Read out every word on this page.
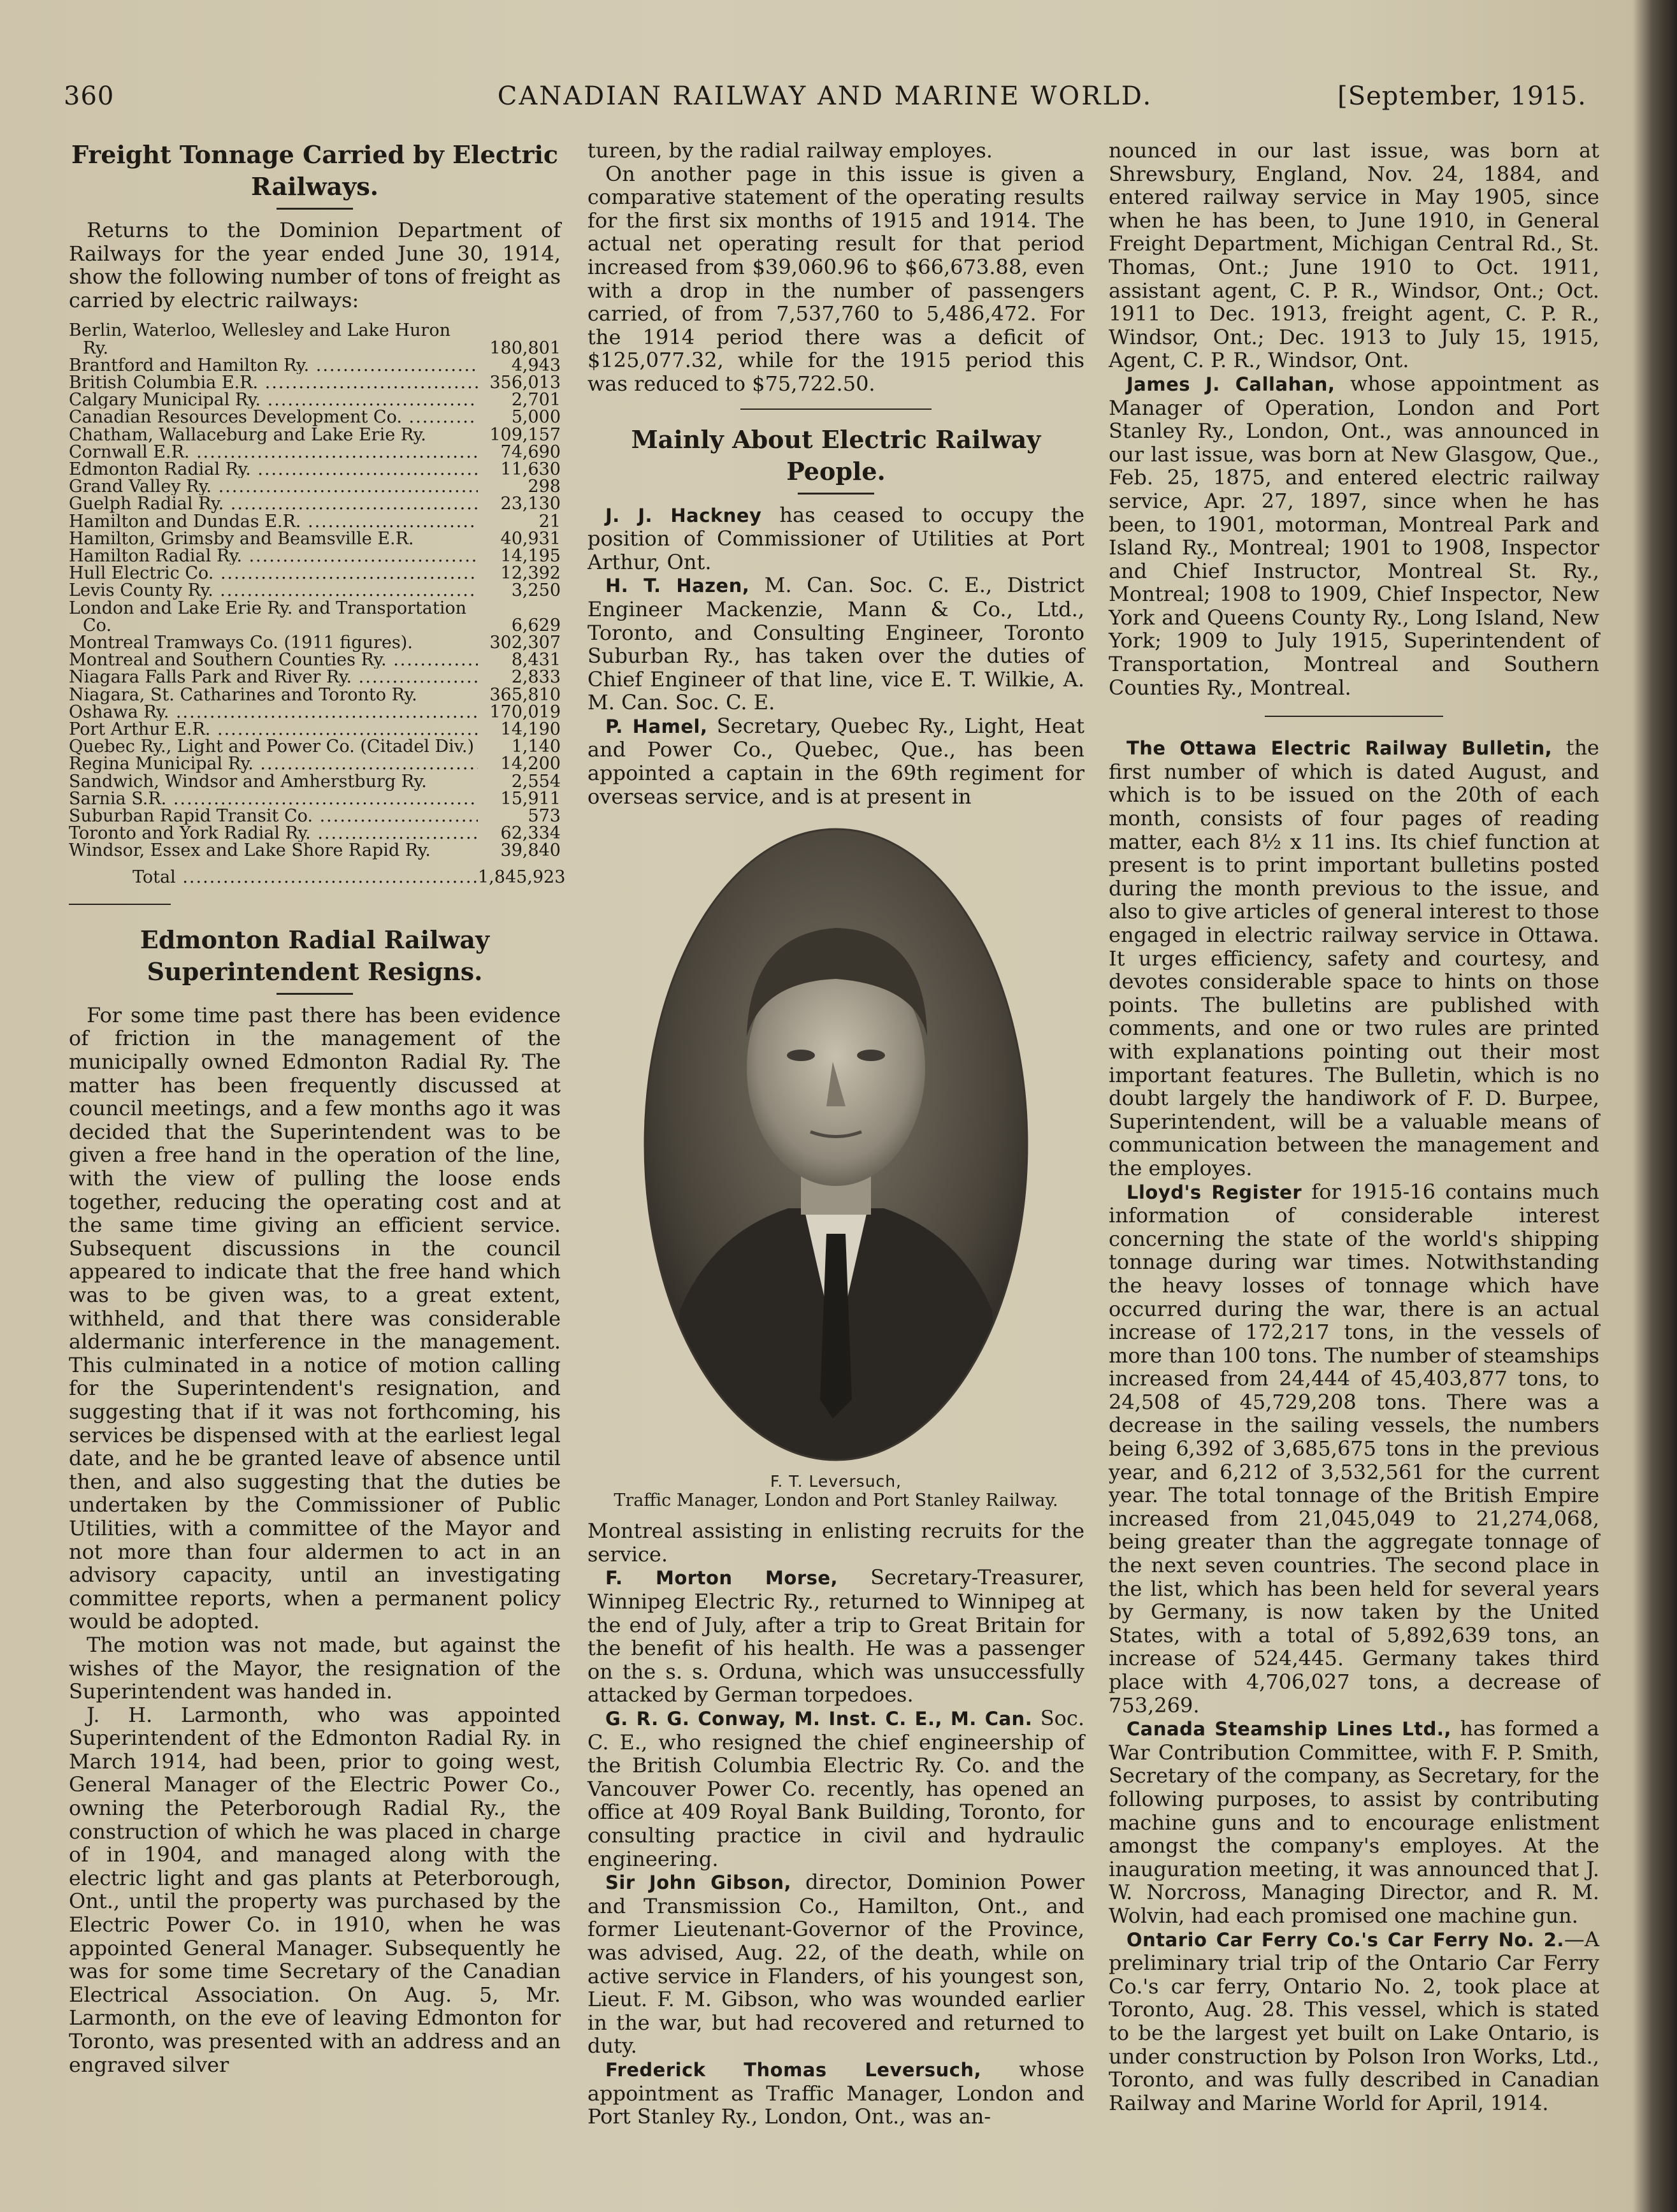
360	CANADIAN RAILWAY AND MARINE WORLD.	[September, 1915.
Freight Tonnage Carried by Electric Railways.

Returns to the Dominion Department of Railways for the year ended June 30, 1914, show the following number of tons of freight as carried by electric railways:

Berlin, Waterloo, Wellesley and Lake Huron Ry.	180,801
Brantford and Hamilton Ry. .....	4,943
British Columbia E.R. .....	356,013
Calgary Municipal Ry. .....	2,701
Canadian Resources Development Co. .....	5,000
Chatham, Wallaceburg and Lake Erie Ry.	109,157
Cornwall E.R. .....	74,690
Edmonton Radial Ry. .....	11,630
Grand Valley Ry. .....	298
Guelph Radial Ry. .....	23,130
Hamilton and Dundas E.R. .....	21
Hamilton, Grimsby and Beamsville E.R.	40,931
Hamilton Radial Ry. .....	14,195
Hull Electric Co. .....	12,392
Levis County Ry. .....	3,250
London and Lake Erie Ry. and Transportation Co.	6,629
Montreal Tramways Co. (1911 figures).	302,307
Montreal and Southern Counties Ry. .....	8,431
Niagara Falls Park and River Ry. .....	2,833
Niagara, St. Catharines and Toronto Ry.	365,810
Oshawa Ry. .....	170,019
Port Arthur E.R. .....	14,190
Quebec Ry., Light and Power Co. (Citadel Div.)	1,140
Regina Municipal Ry. .....	14,200
Sandwich, Windsor and Amherstburg Ry.	2,554
Sarnia S.R. .....	15,911
Suburban Rapid Transit Co. .....	573
Toronto and York Radial Ry. .....	62,334
Windsor, Essex and Lake Shore Rapid Ry.	39,840
Total .....	1,845,923
Edmonton Radial Railway Superintendent Resigns.

For some time past there has been evidence of friction in the management of the municipally owned Edmonton Radial Ry. The matter has been frequently discussed at council meetings, and a few months ago it was decided that the Superintendent was to be given a free hand in the operation of the line, with the view of pulling the loose ends together, reducing the operating cost and at the same time giving an efficient service. Subsequent discussions in the council appeared to indicate that the free hand which was to be given was, to a great extent, withheld, and that there was considerable aldermanic interference in the management. This culminated in a notice of motion calling for the Superintendent's resignation, and suggesting that if it was not forthcoming, his services be dispensed with at the earliest legal date, and he be granted leave of absence until then, and also suggesting that the duties be undertaken by the Commissioner of Public Utilities, with a committee of the Mayor and not more than four aldermen to act in an advisory capacity, until an investigating committee reports, when a permanent policy would be adopted.

The motion was not made, but against the wishes of the Mayor, the resignation of the Superintendent was handed in.

J. H. Larmonth, who was appointed Superintendent of the Edmonton Radial Ry. in March 1914, had been, prior to going west, General Manager of the Electric Power Co., owning the Peterborough Radial Ry., the construction of which he was placed in charge of in 1904, and managed along with the electric light and gas plants at Peterborough, Ont., until the property was purchased by the Electric Power Co. in 1910, when he was appointed General Manager. Subsequently he was for some time Secretary of the Canadian Electrical Association. On Aug. 5, Mr. Larmonth, on the eve of leaving Edmonton for Toronto, was presented with an address and an engraved silver

tureen, by the radial railway employes.

On another page in this issue is given a comparative statement of the operating results for the first six months of 1915 and 1914. The actual net operating result for that period increased from $39,060.96 to $66,673.88, even with a drop in the number of passengers carried, of from 7,537,760 to 5,486,472. For the 1914 period there was a deficit of $125,077.32, while for the 1915 period this was reduced to $75,722.50.

Mainly About Electric Railway People.

J. J. Hackney has ceased to occupy the position of Commissioner of Utilities at Port Arthur, Ont.

H. T. Hazen, M. Can. Soc. C. E., District Engineer Mackenzie, Mann & Co., Ltd., Toronto, and Consulting Engineer, Toronto Suburban Ry., has taken over the duties of Chief Engineer of that line, vice E. T. Wilkie, A. M. Can. Soc. C. E.

P. Hamel, Secretary, Quebec Ry., Light, Heat and Power Co., Quebec, Que., has been appointed a captain in the 69th regiment for overseas service, and is at present in

F. T. Leversuch,
Traffic Manager, London and Port Stanley Railway.

Montreal assisting in enlisting recruits for the service.

F. Morton Morse, Secretary-Treasurer, Winnipeg Electric Ry., returned to Winnipeg at the end of July, after a trip to Great Britain for the benefit of his health. He was a passenger on the s. s. Orduna, which was unsuccessfully attacked by German torpedoes.

G. R. G. Conway, M. Inst. C. E., M. Can. Soc. C. E., who resigned the chief engineership of the British Columbia Electric Ry. Co. and the Vancouver Power Co. recently, has opened an office at 409 Royal Bank Building, Toronto, for consulting practice in civil and hydraulic engineering.

Sir John Gibson, director, Dominion Power and Transmission Co., Hamilton, Ont., and former Lieutenant-Governor of the Province, was advised, Aug. 22, of the death, while on active service in Flanders, of his youngest son, Lieut. F. M. Gibson, who was wounded earlier in the war, but had recovered and returned to duty.

Frederick Thomas Leversuch, whose appointment as Traffic Manager, London and Port Stanley Ry., London, Ont., was an-

nounced in our last issue, was born at Shrewsbury, England, Nov. 24, 1884, and entered railway service in May 1905, since when he has been, to June 1910, in General Freight Department, Michigan Central Rd., St. Thomas, Ont.; June 1910 to Oct. 1911, assistant agent, C. P. R., Windsor, Ont.; Oct. 1911 to Dec. 1913, freight agent, C. P. R., Windsor, Ont.; Dec. 1913 to July 15, 1915, Agent, C. P. R., Windsor, Ont.

James J. Callahan, whose appointment as Manager of Operation, London and Port Stanley Ry., London, Ont., was announced in our last issue, was born at New Glasgow, Que., Feb. 25, 1875, and entered electric railway service, Apr. 27, 1897, since when he has been, to 1901, motorman, Montreal Park and Island Ry., Montreal; 1901 to 1908, Inspector and Chief Instructor, Montreal St. Ry., Montreal; 1908 to 1909, Chief Inspector, New York and Queens County Ry., Long Island, New York; 1909 to July 1915, Superintendent of Transportation, Montreal and Southern Counties Ry., Montreal.

The Ottawa Electric Railway Bulletin, the first number of which is dated August, and which is to be issued on the 20th of each month, consists of four pages of reading matter, each 8½ x 11 ins. Its chief function at present is to print important bulletins posted during the month previous to the issue, and also to give articles of general interest to those engaged in electric railway service in Ottawa. It urges efficiency, safety and courtesy, and devotes considerable space to hints on those points. The bulletins are published with comments, and one or two rules are printed with explanations pointing out their most important features. The Bulletin, which is no doubt largely the handiwork of F. D. Burpee, Superintendent, will be a valuable means of communication between the management and the employes.

Lloyd's Register for 1915-16 contains much information of considerable interest concerning the state of the world's shipping tonnage during war times. Notwithstanding the heavy losses of tonnage which have occurred during the war, there is an actual increase of 172,217 tons, in the vessels of more than 100 tons. The number of steamships increased from 24,444 of 45,403,877 tons, to 24,508 of 45,729,208 tons. There was a decrease in the sailing vessels, the numbers being 6,392 of 3,685,675 tons in the previous year, and 6,212 of 3,532,561 for the current year. The total tonnage of the British Empire increased from 21,045,049 to 21,274,068, being greater than the aggregate tonnage of the next seven countries. The second place in the list, which has been held for several years by Germany, is now taken by the United States, with a total of 5,892,639 tons, an increase of 524,445. Germany takes third place with 4,706,027 tons, a decrease of 753,269.

Canada Steamship Lines Ltd., has formed a War Contribution Committee, with F. P. Smith, Secretary of the company, as Secretary, for the following purposes, to assist by contributing machine guns and to encourage enlistment amongst the company's employes. At the inauguration meeting, it was announced that J. W. Norcross, Managing Director, and R. M. Wolvin, had each promised one machine gun.

Ontario Car Ferry Co.'s Car Ferry No. 2.—A preliminary trial trip of the Ontario Car Ferry Co.'s car ferry, Ontario No. 2, took place at Toronto, Aug. 28. This vessel, which is stated to be the largest yet built on Lake Ontario, is under construction by Polson Iron Works, Ltd., Toronto, and was fully described in Canadian Railway and Marine World for April, 1914.
